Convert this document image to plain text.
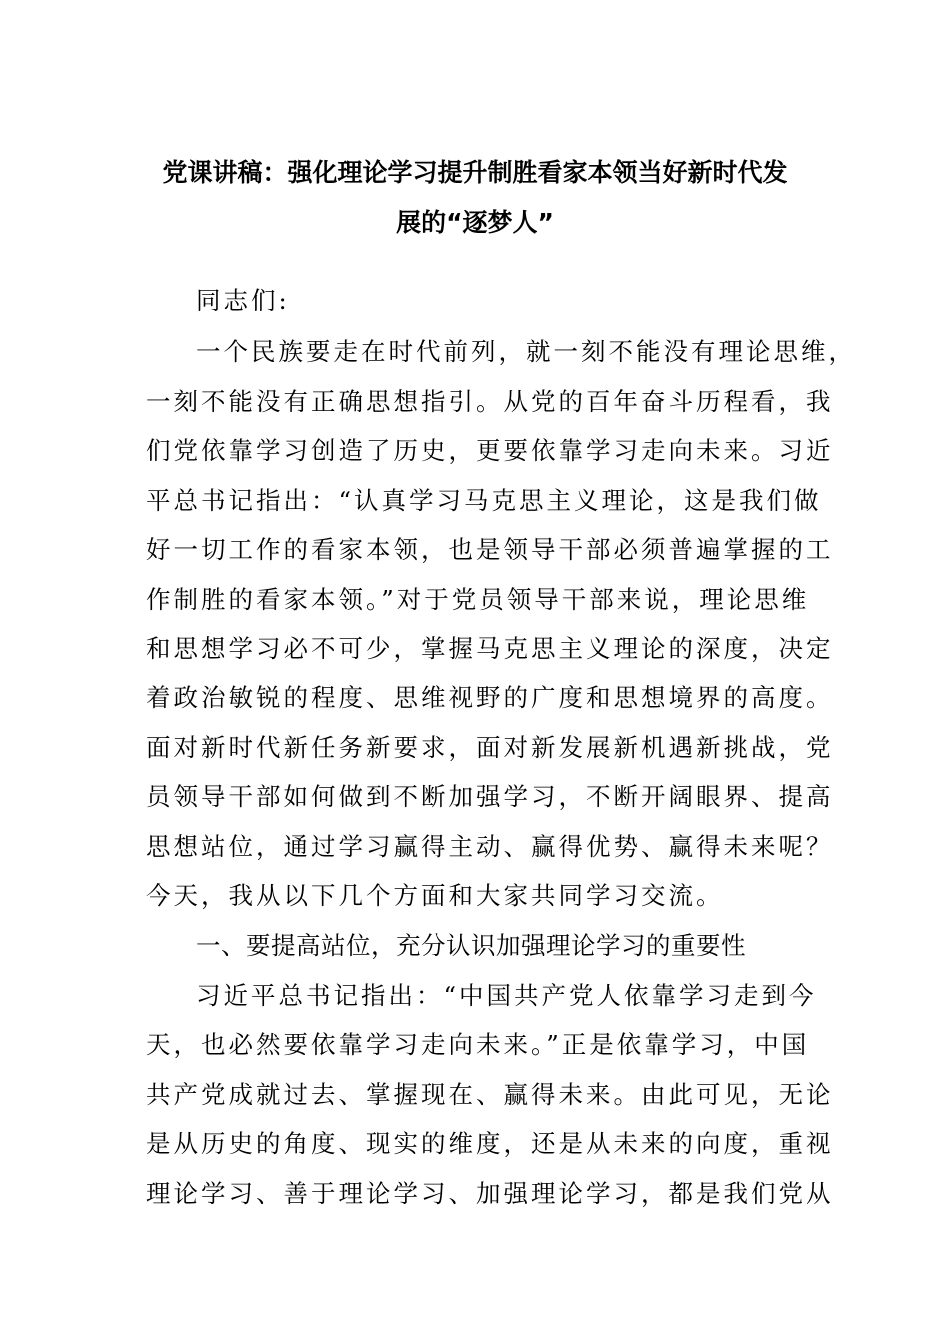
党课讲稿：强化理论学习提升制胜看家本领当好新时代发
展的“逐梦人”
同志们:
一个民族要走在时代前列，就一刻不能没有理论思维，
一刻不能没有正确思想指引。从党的百年奋斗历程看，我
们党依靠学习创造了历史，更要依靠学习走向未来。习近
平总书记指出：“认真学习马克思主义理论，这是我们做
好一切工作的看家本领，也是领导干部必须普遍掌握的工
作制胜的看家本领。”对于党员领导干部来说，理论思维
和思想学习必不可少，掌握马克思主义理论的深度，决定
着政治敏锐的程度、思维视野的广度和思想境界的高度。
面对新时代新任务新要求，面对新发展新机遇新挑战，党
员领导干部如何做到不断加强学习，不断开阔眼界、提高
思想站位，通过学习赢得主动、赢得优势、赢得未来呢？
今天，我从以下几个方面和大家共同学习交流。
一、要提高站位，充分认识加强理论学习的重要性
习近平总书记指出：“中国共产党人依靠学习走到今
天，也必然要依靠学习走向未来。”正是依靠学习，中国
共产党成就过去、掌握现在、赢得未来。由此可见，无论
是从历史的角度、现实的维度，还是从未来的向度，重视
理论学习、善于理论学习、加强理论学习，都是我们党从
